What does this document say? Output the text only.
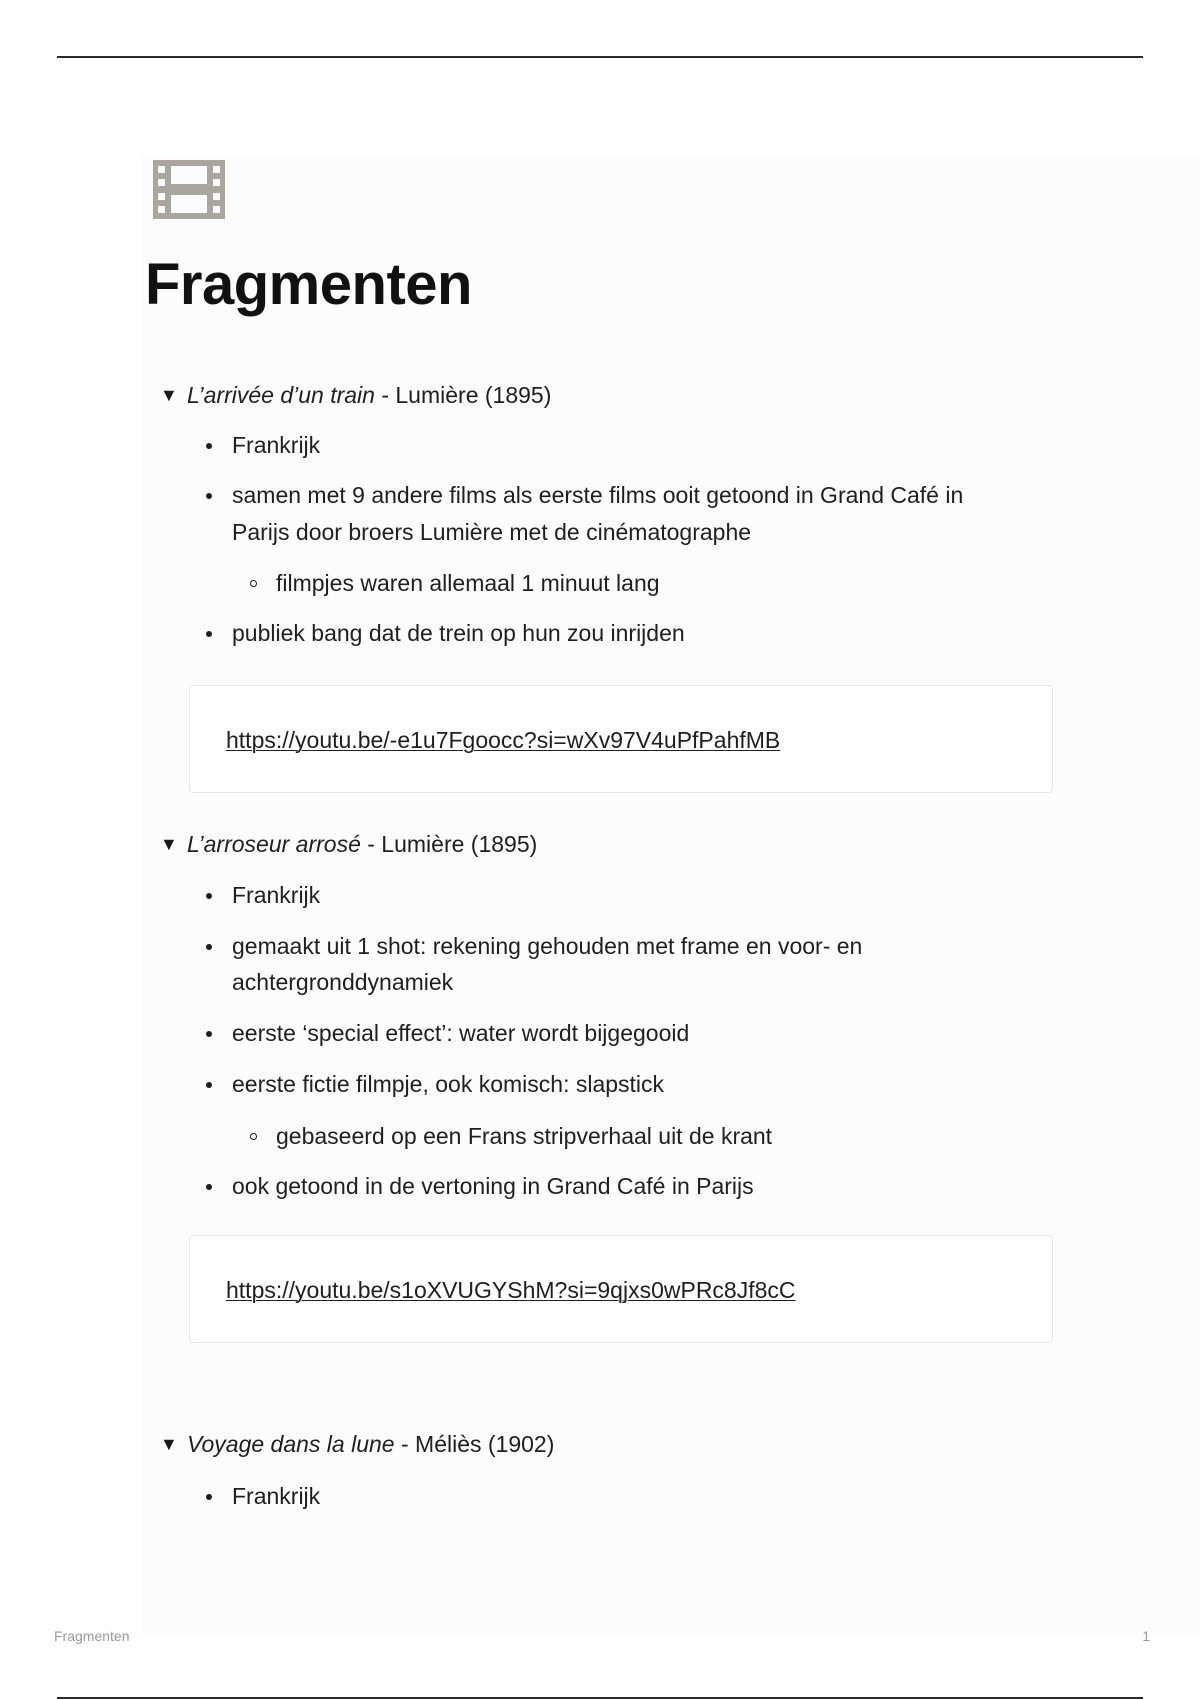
Fragmenten
▼ L’arrivée d’un train - Lumière (1895)
Frankrijk
samen met 9 andere films als eerste films ooit getoond in Grand Café in
Parijs door broers Lumière met de cinématographe
filmpjes waren allemaal 1 minuut lang
publiek bang dat de trein op hun zou inrijden
https://youtu.be/-e1u7Fgoocc?si=wXv97V4uPfPahfMB
▼ L’arroseur arrosé - Lumière (1895)
Frankrijk
gemaakt uit 1 shot: rekening gehouden met frame en voor- en
achtergronddynamiek
eerste ‘special effect’: water wordt bijgegooid
eerste fictie filmpje, ook komisch: slapstick
gebaseerd op een Frans stripverhaal uit de krant
ook getoond in de vertoning in Grand Café in Parijs
https://youtu.be/s1oXVUGYShM?si=9qjxs0wPRc8Jf8cC
▼ Voyage dans la lune - Méliès (1902)
Frankrijk
Fragmenten	1
